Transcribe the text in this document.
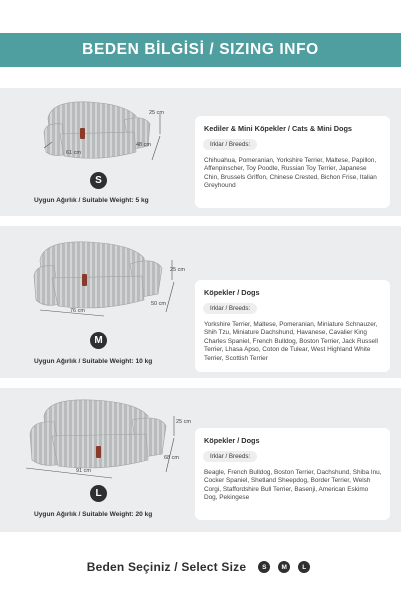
BEDEN BİLGİSİ / SIZING INFO
25 cm
48 cm
61 cm
S
Uygun Ağırlık / Suitable Weight: 5 kg
Kediler & Mini Köpekler / Cats & Mini Dogs
Irklar / Breeds:
Chihuahua, Pomeranian, Yorkshire Terrier, Maltese, Papillon, Affenpinscher, Toy Poodle, Russian Toy Terrier, Japanese Chin, Brussels Griffon, Chinese Crested, Bichon Frise, Italian Greyhound
25 cm
50 cm
76 cm
M
Uygun Ağırlık / Suitable Weight: 10 kg
Köpekler / Dogs
Irklar / Breeds:
Yorkshire Terrier, Maltese, Pomeranian, Miniature Schnauzer, Shih Tzu, Miniature Dachshund, Havanese, Cavalier King Charles Spaniel, French Bulldog, Boston Terrier, Jack Russell Terrier, Lhasa Apso, Coton de Tulear, West Highland White Terrier, Scottish Terrier
25 cm
68 cm
91 cm
L
Uygun Ağırlık / Suitable Weight: 20 kg
Köpekler / Dogs
Irklar / Breeds:
Beagle, French Bulldog, Boston Terrier, Dachshund, Shiba Inu, Cocker Spaniel, Shetland Sheepdog, Border Terrier, Welsh Corgi, Staffordshire Bull Terrier, Basenji, American Eskimo Dog, Pekingese
Beden Seçiniz / Select Size	S	M	L
